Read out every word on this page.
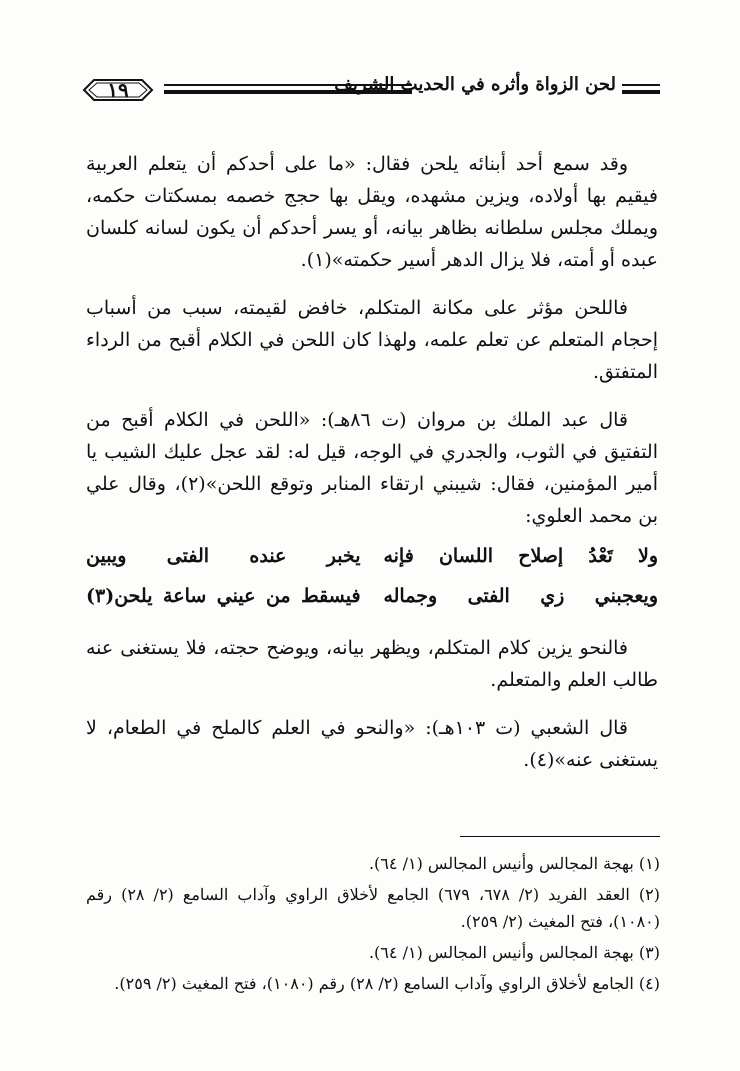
١٩	لحن الزواة وأثره في الحديث الشريف

وقد سمع أحد أبنائه يلحن فقال: «ما على أحدكم أن يتعلم العربية فيقيم بها أولاده، ويزين مشهده، ويقل بها حجج خصمه بمسكتات حكمه، ويملك مجلس سلطانه بظاهر بيانه، أو يسر أحدكم أن يكون لسانه كلسان عبده أو أمته، فلا يزال الدهر أسير حكمته»(١).

فاللحن مؤثر على مكانة المتكلم، خافض لقيمته، سبب من أسباب إحجام المتعلم عن تعلم علمه، ولهذا كان اللحن في الكلام أقبح من الرداء المتفتق.

قال عبد الملك بن مروان (ت ٨٦هـ): «اللحن في الكلام أقبح من التفتيق في الثوب، والجدري في الوجه، قيل له: لقد عجل عليك الشيب يا أمير المؤمنين، فقال: شيبني ارتقاء المنابر وتوقع اللحن»(٢)، وقال علي بن محمد العلوي:

ولا تَعْدُ إصلاح اللسان فإنه
يخبر عنده الفتى ويبين
ويعجبني زي الفتى وجماله
فيسقط من عيني ساعة يلحن(٣)

فالنحو يزين كلام المتكلم، ويظهر بيانه، ويوضح حجته، فلا يستغنى عنه طالب العلم والمتعلم.

قال الشعبي (ت ١٠٣هـ): «والنحو في العلم كالملح في الطعام، لا يستغنى عنه»(٤).

(١) بهجة المجالس وأنيس المجالس (١/ ٦٤).
(٢) العقد الفريد (٢/ ٦٧٨، ٦٧٩) الجامع لأخلاق الراوي وآداب السامع (٢/ ٢٨) رقم (١٠٨٠)، فتح المغيث (٢/ ٢٥٩).
(٣) بهجة المجالس وأنيس المجالس (١/ ٦٤).
(٤) الجامع لأخلاق الراوي وآداب السامع (٢/ ٢٨) رقم (١٠٨٠)، فتح المغيث (٢/ ٢٥٩).
